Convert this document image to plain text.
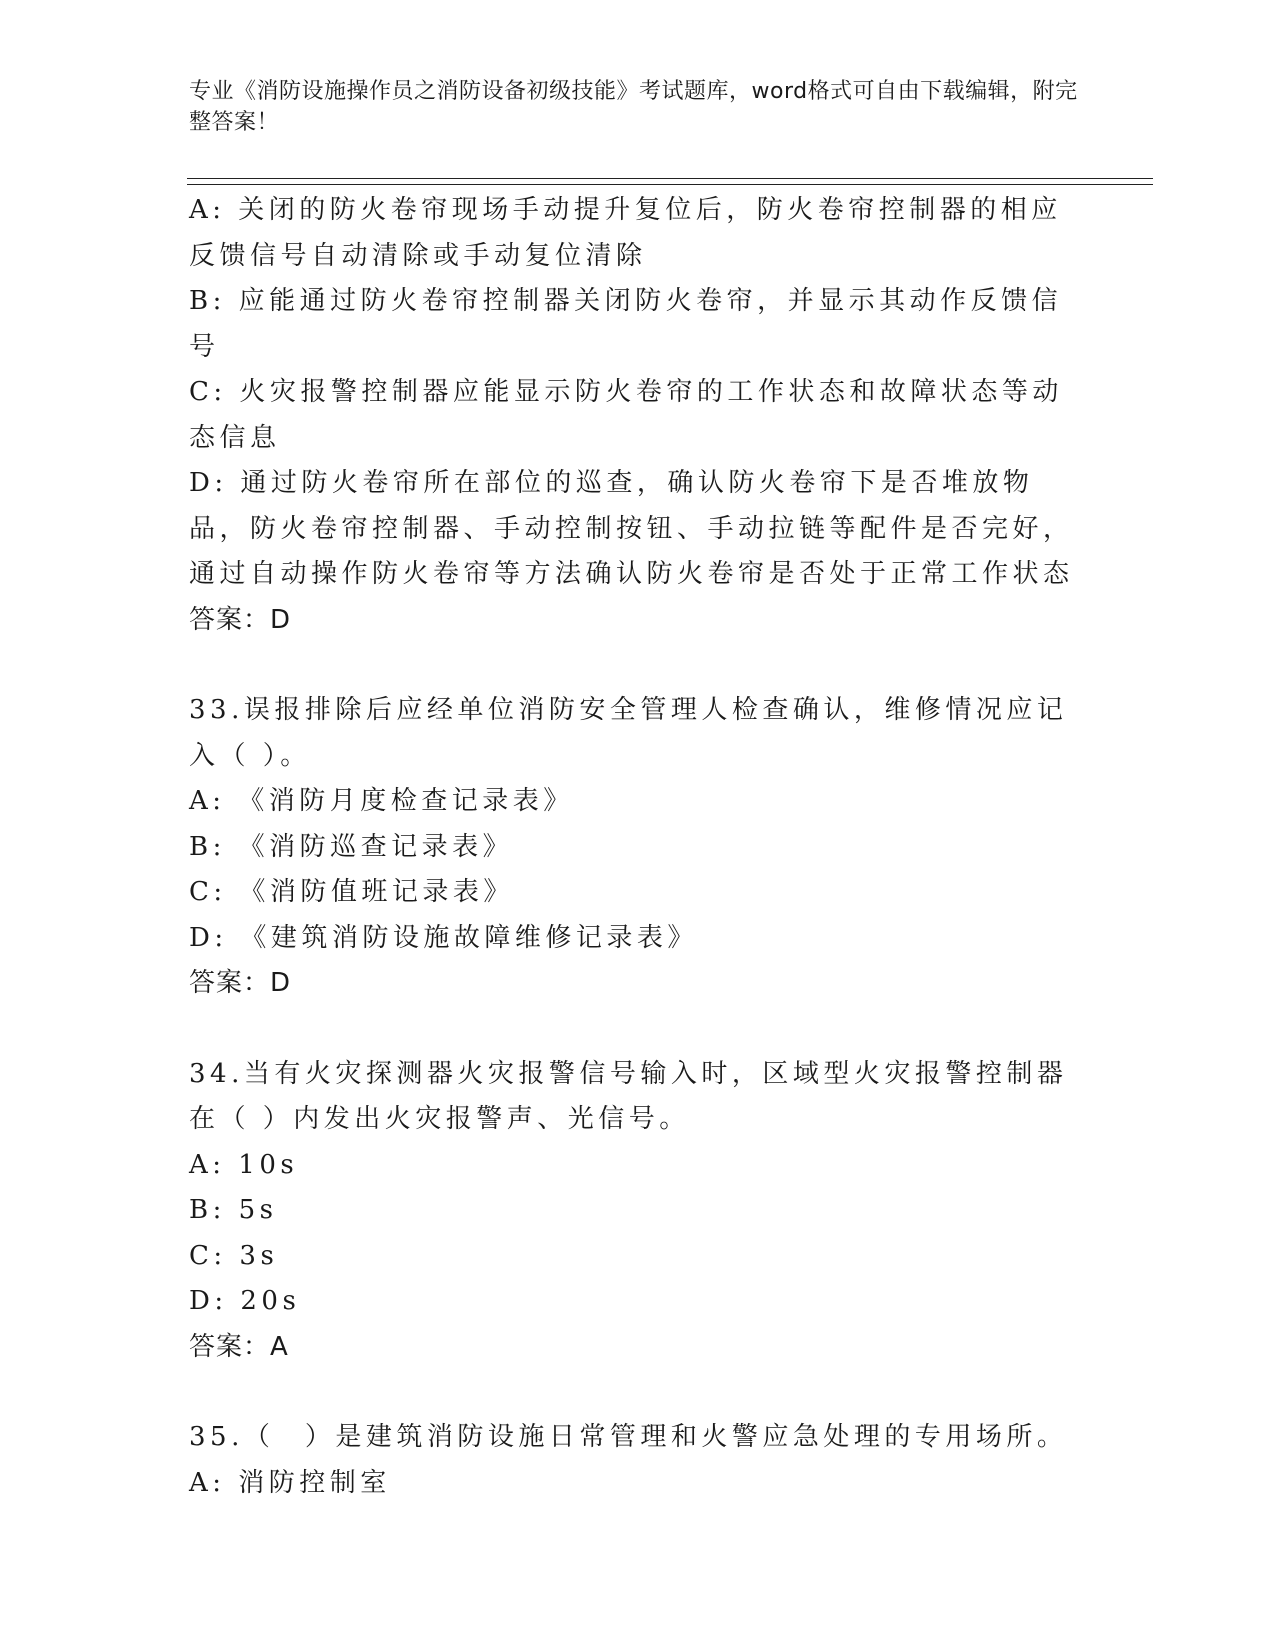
专业《消防设施操作员之消防设备初级技能》考试题库，word格式可自由下载编辑，附完整答案！

A: 关闭的防火卷帘现场手动提升复位后，防火卷帘控制器的相应反馈信号自动清除或手动复位清除

B: 应能通过防火卷帘控制器关闭防火卷帘，并显示其动作反馈信号

C: 火灾报警控制器应能显示防火卷帘的工作状态和故障状态等动态信息

D: 通过防火卷帘所在部位的巡查，确认防火卷帘下是否堆放物品，防火卷帘控制器、手动控制按钮、手动拉链等配件是否完好，通过自动操作防火卷帘等方法确认防火卷帘是否处于正常工作状态

答案：D

33.误报排除后应经单位消防安全管理人检查确认，维修情况应记入（ ）。

A: 《消防月度检查记录表》

B: 《消防巡查记录表》

C: 《消防值班记录表》

D: 《建筑消防设施故障维修记录表》

答案：D

34.当有火灾探测器火灾报警信号输入时，区域型火灾报警控制器在（ ）内发出火灾报警声、光信号。

A: 10s

B: 5s

C: 3s

D: 20s

答案：A

35.（　）是建筑消防设施日常管理和火警应急处理的专用场所。

A: 消防控制室
